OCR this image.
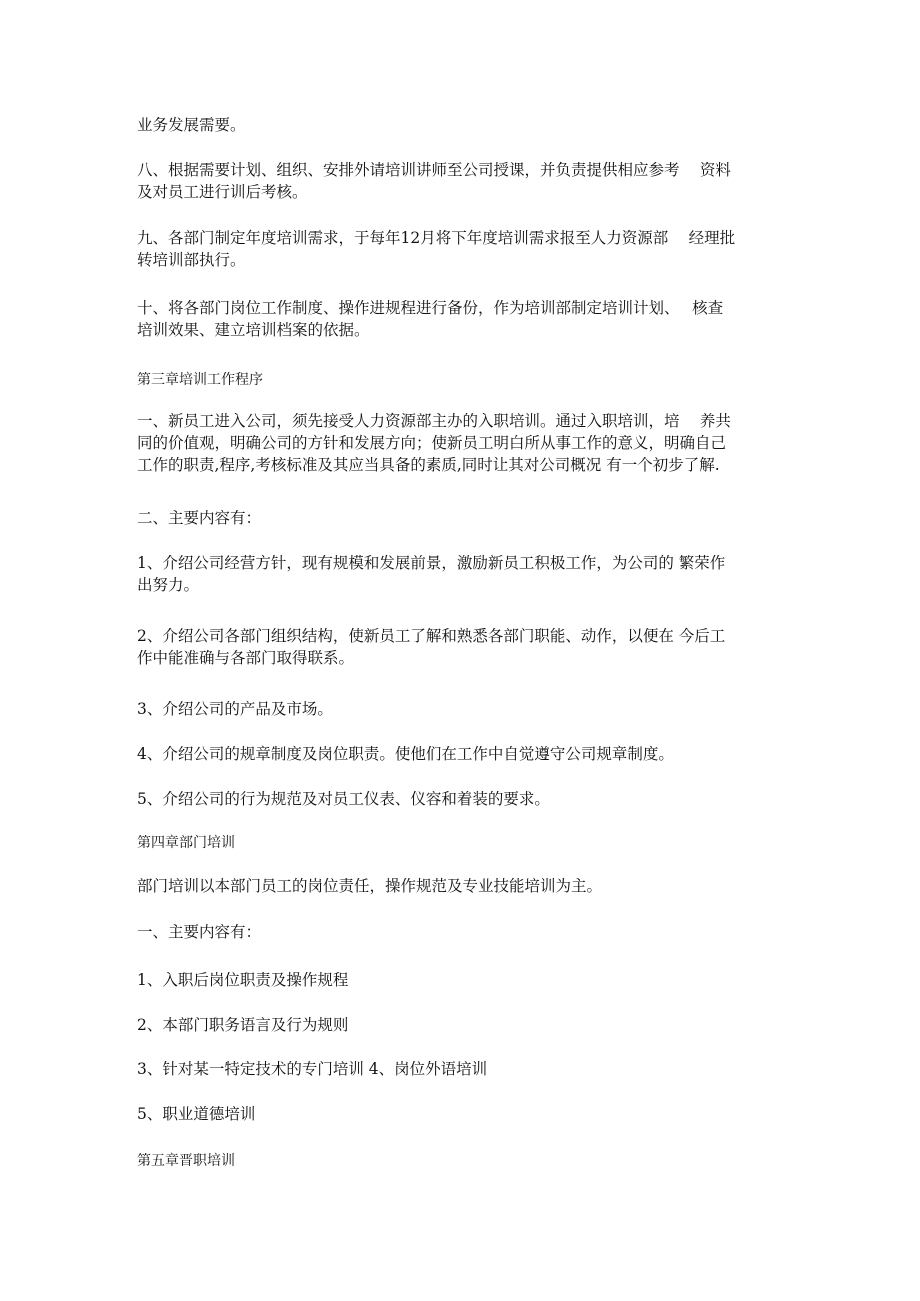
业务发展需要。

八、根据需要计划、组织、安排外请培训讲师至公司授课，并负责提供相应参考　 资料
及对员工进行训后考核。

九、各部门制定年度培训需求，于每年12月将下年度培训需求报至人力资源部　 经理批
转培训部执行。

十、将各部门岗位工作制度、操作进规程进行备份，作为培训部制定培训计划、　 核查
培训效果、建立培训档案的依据。

第三章培训工作程序

一、新员工进入公司，须先接受人力资源部主办的入职培训。通过入职培训，培　 养共
同的价值观，明确公司的方针和发展方向；使新员工明白所从事工作的意义，明确自己
工作的职责,程序,考核标准及其应当具备的素质,同时让其对公司概况 有一个初步了解.

二、主要内容有：

1、介绍公司经营方针，现有规模和发展前景，激励新员工积极工作，为公司的 繁荣作
出努力。

2、介绍公司各部门组织结构，使新员工了解和熟悉各部门职能、动作，以便在 今后工
作中能准确与各部门取得联系。

3、介绍公司的产品及市场。

4、介绍公司的规章制度及岗位职责。使他们在工作中自觉遵守公司规章制度。

5、介绍公司的行为规范及对员工仪表、仪容和着装的要求。

第四章部门培训

部门培训以本部门员工的岗位责任，操作规范及专业技能培训为主。

一、主要内容有：

1、入职后岗位职责及操作规程

2、本部门职务语言及行为规则

3、针对某一特定技术的专门培训 4、岗位外语培训

5、职业道德培训

第五章晋职培训
